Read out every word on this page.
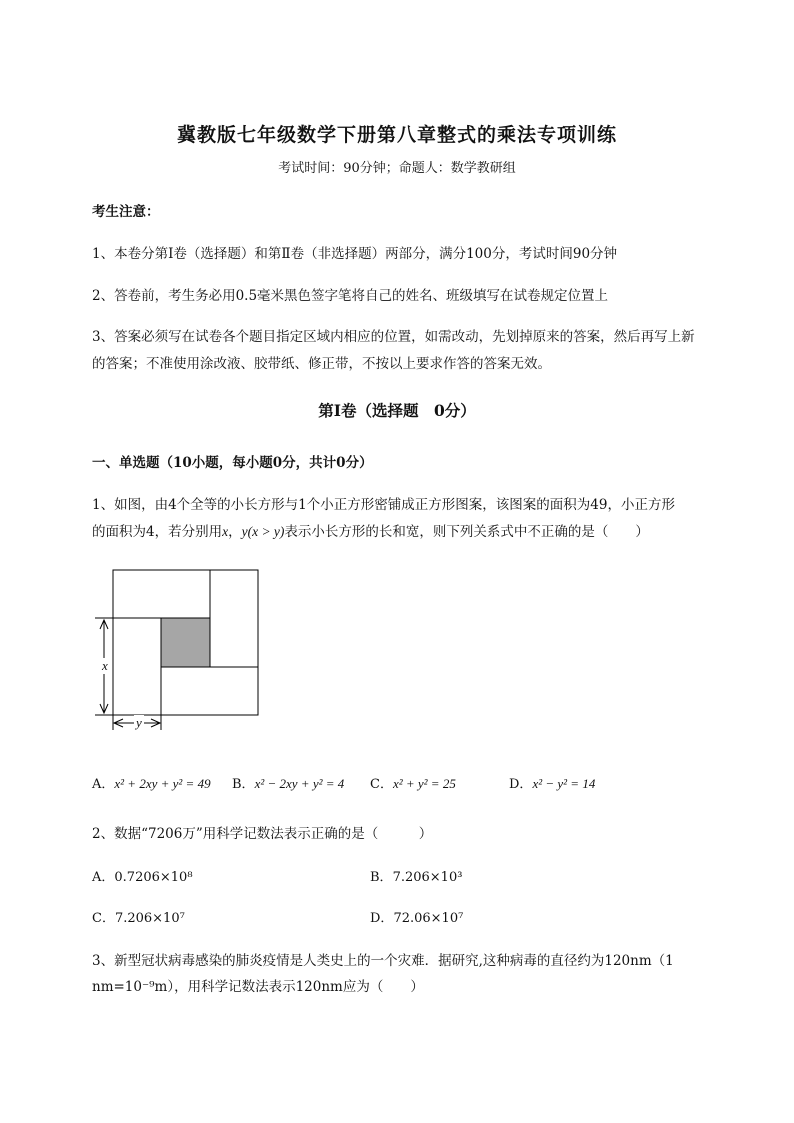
冀教版七年级数学下册第八章整式的乘法专项训练
考试时间：90分钟；命题人：数学教研组
考生注意：
1、本卷分第Ⅰ卷（选择题）和第Ⅱ卷（非选择题）两部分，满分100分，考试时间90分钟
2、答卷前，考生务必用0.5毫米黑色签字笔将自己的姓名、班级填写在试卷规定位置上
3、答案必须写在试卷各个题目指定区域内相应的位置，如需改动，先划掉原来的答案，然后再写上新
的答案；不准使用涂改液、胶带纸、修正带，不按以上要求作答的答案无效。
第Ⅰ卷（选择题　0分）
一、单选题（10小题，每小题0分，共计0分）
1、如图，由4个全等的小长方形与1个小正方形密铺成正方形图案，该图案的面积为49，小正方形
的面积为4，若分别用x，y(x > y)表示小长方形的长和宽，则下列关系式中不正确的是（　　）
x
y
A．x² + 2xy + y² = 49 B．x² − 2xy + y² = 4 C．x² + y² = 25	D．x² − y² = 14
2、数据“7206万”用科学记数法表示正确的是（　　　）
A．0.7206×10⁸	B．7.206×10³
C．7.206×10⁷	D．72.06×10⁷
3、新型冠状病毒感染的肺炎疫情是人类史上的一个灾难．据研究,这种病毒的直径约为120nm（1
nm=10⁻⁹m），用科学记数法表示120nm应为（　　）
